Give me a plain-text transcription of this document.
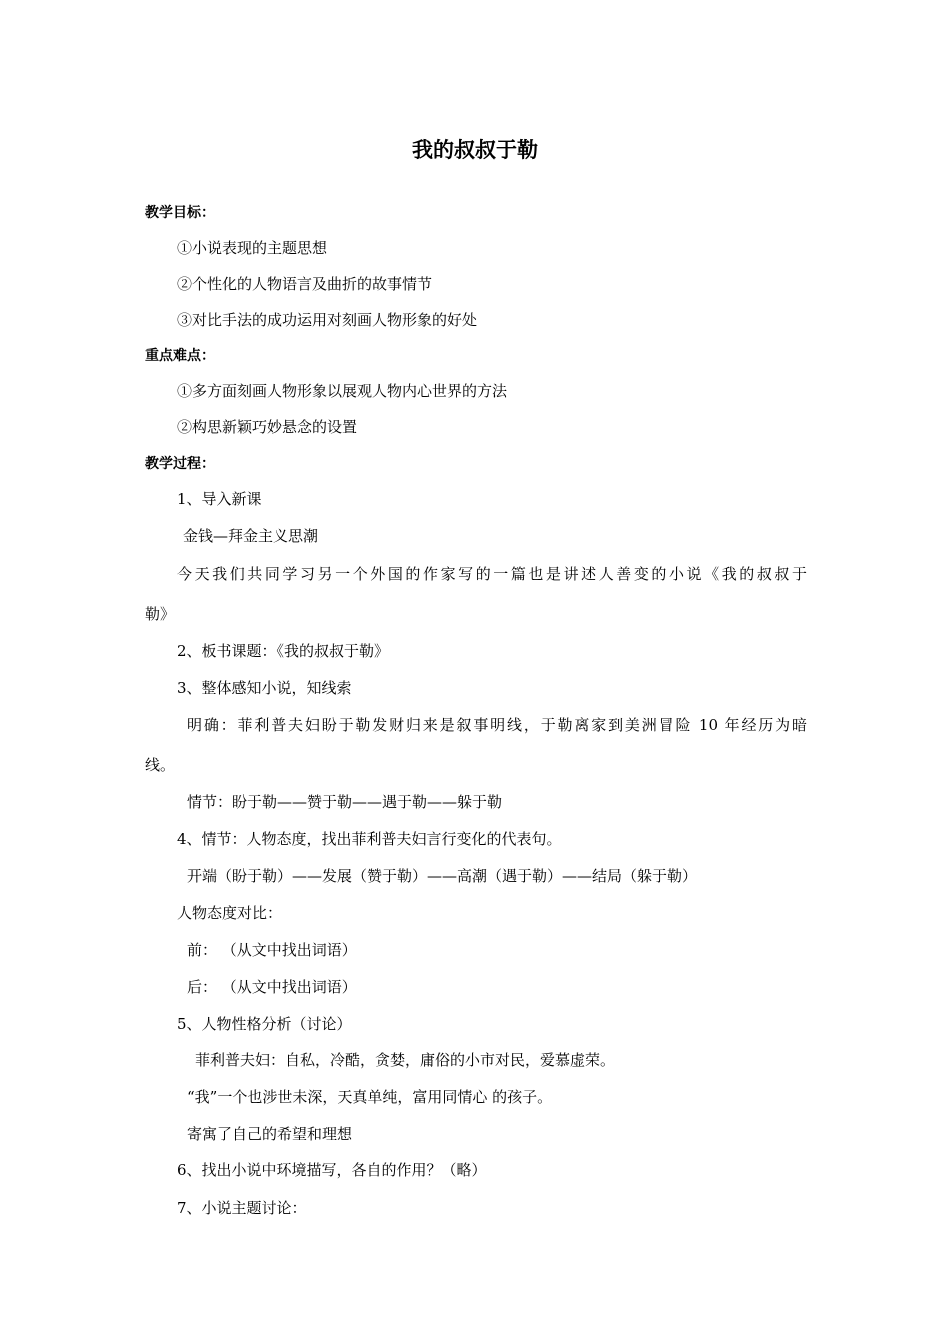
我的叔叔于勒
教学目标：
①小说表现的主题思想
②个性化的人物语言及曲折的故事情节
③对比手法的成功运用对刻画人物形象的好处
重点难点：
①多方面刻画人物形象以展观人物内心世界的方法
②构思新颖巧妙悬念的设置
教学过程：
1、导入新课
金钱—拜金主义思潮
今天我们共同学习另一个外国的作家写的一篇也是讲述人善变的小说《我的叔叔于
勒》
2、板书课题：《我的叔叔于勒》
3、整体感知小说，知线索
明确：菲利普夫妇盼于勒发财归来是叙事明线，于勒离家到美洲冒险 10 年经历为暗
线。
情节：盼于勒——赞于勒——遇于勒——躲于勒
4、情节：人物态度，找出菲利普夫妇言行变化的代表句。
开端（盼于勒）——发展（赞于勒）——高潮（遇于勒）——结局（躲于勒）
人物态度对比：
前： （从文中找出词语）
后： （从文中找出词语）
5、人物性格分析（讨论）
菲利普夫妇：自私，冷酷，贪婪，庸俗的小市对民，爱慕虚荣。
“我”一个也涉世未深，天真单纯，富用同情心 的孩子。
寄寓了自己的希望和理想
6、找出小说中环境描写，各自的作用？（略）
7、小说主题讨论：
